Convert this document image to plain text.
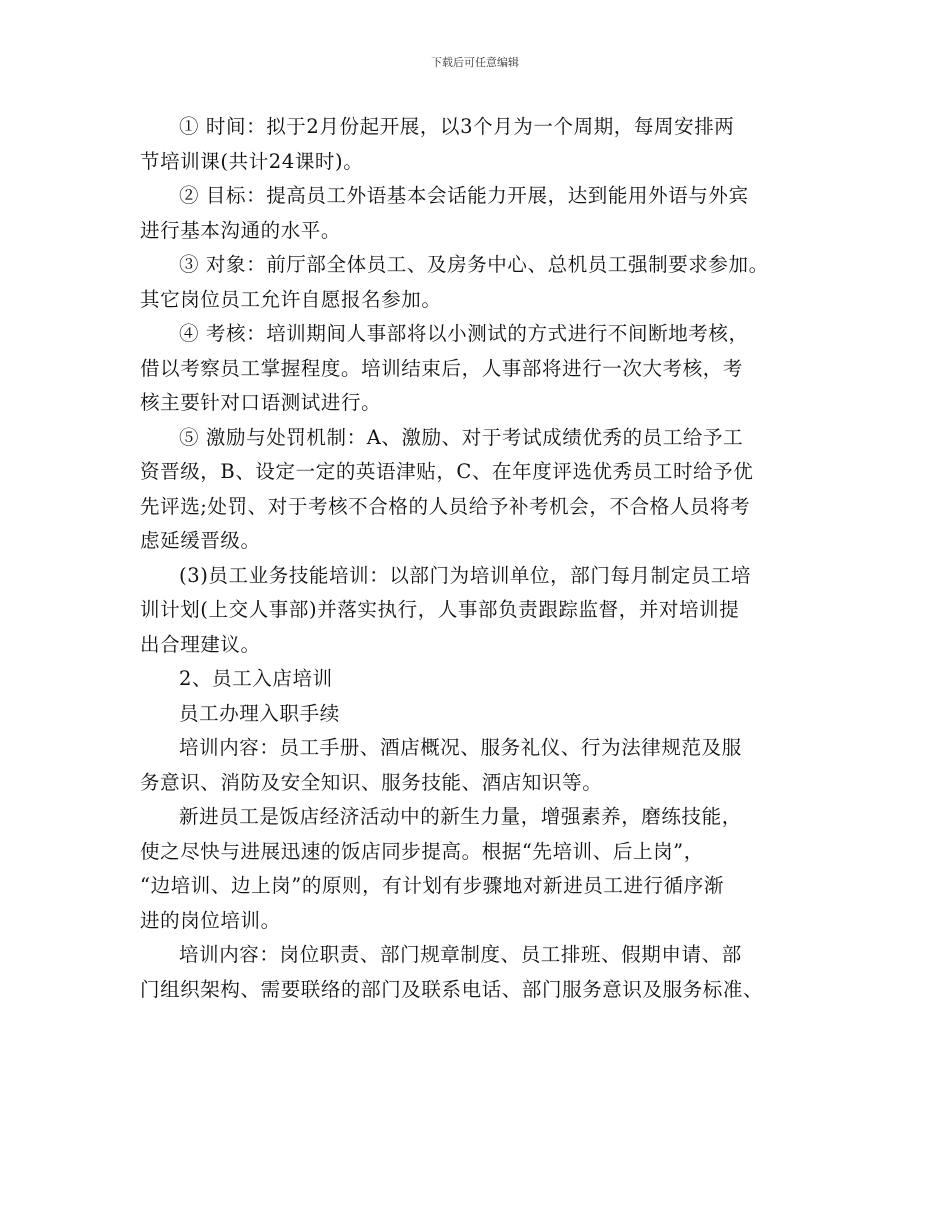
下载后可任意编辑

① 时间：拟于2月份起开展，以3个月为一个周期，每周安排两
节培训课(共计24课时)。

② 目标：提高员工外语基本会话能力开展，达到能用外语与外宾
进行基本沟通的水平。

③ 对象：前厅部全体员工、及房务中心、总机员工强制要求参加。
其它岗位员工允许自愿报名参加。

④ 考核：培训期间人事部将以小测试的方式进行不间断地考核，
借以考察员工掌握程度。培训结束后，人事部将进行一次大考核，考
核主要针对口语测试进行。

⑤ 激励与处罚机制：A、激励、对于考试成绩优秀的员工给予工
资晋级，B、设定一定的英语津贴，C、在年度评选优秀员工时给予优
先评选;处罚、对于考核不合格的人员给予补考机会，不合格人员将考
虑延缓晋级。

(3)员工业务技能培训：以部门为培训单位，部门每月制定员工培
训计划(上交人事部)并落实执行，人事部负责跟踪监督，并对培训提
出合理建议。

2、员工入店培训

员工办理入职手续

培训内容：员工手册、酒店概况、服务礼仪、行为法律规范及服
务意识、消防及安全知识、服务技能、酒店知识等。

新进员工是饭店经济活动中的新生力量，增强素养，磨练技能，
使之尽快与进展迅速的饭店同步提高。根据“先培训、后上岗”，
“边培训、边上岗”的原则，有计划有步骤地对新进员工进行循序渐
进的岗位培训。

培训内容：岗位职责、部门规章制度、员工排班、假期申请、部
门组织架构、需要联络的部门及联系电话、部门服务意识及服务标准、
